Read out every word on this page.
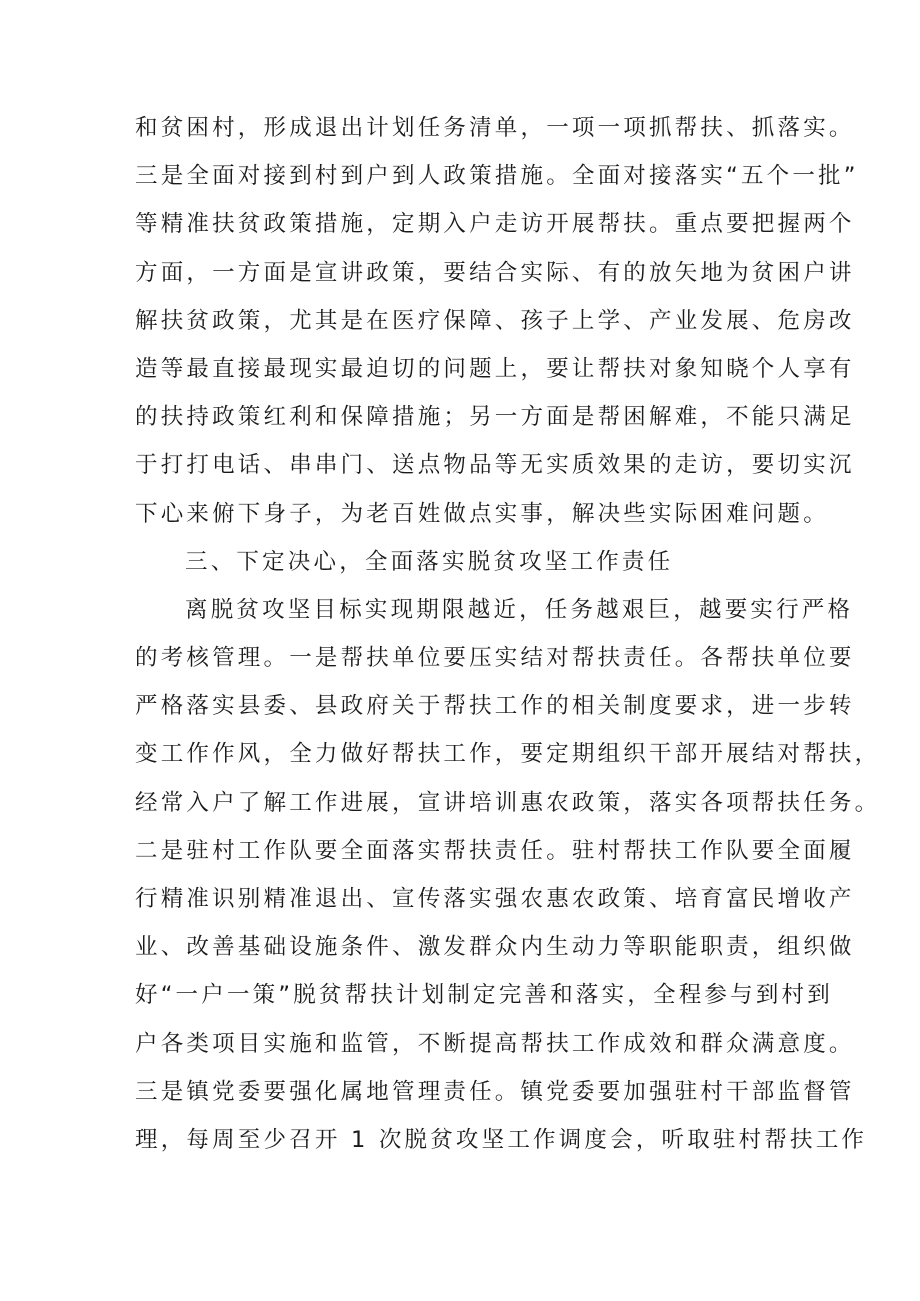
和贫困村，形成退出计划任务清单，一项一项抓帮扶、抓落实。
三是全面对接到村到户到人政策措施。全面对接落实“五个一批”
等精准扶贫政策措施，定期入户走访开展帮扶。重点要把握两个
方面，一方面是宣讲政策，要结合实际、有的放矢地为贫困户讲
解扶贫政策，尤其是在医疗保障、孩子上学、产业发展、危房改
造等最直接最现实最迫切的问题上，要让帮扶对象知晓个人享有
的扶持政策红利和保障措施；另一方面是帮困解难，不能只满足
于打打电话、串串门、送点物品等无实质效果的走访，要切实沉
下心来俯下身子，为老百姓做点实事，解决些实际困难问题。
三、下定决心，全面落实脱贫攻坚工作责任
离脱贫攻坚目标实现期限越近，任务越艰巨，越要实行严格
的考核管理。一是帮扶单位要压实结对帮扶责任。各帮扶单位要
严格落实县委、县政府关于帮扶工作的相关制度要求，进一步转
变工作作风，全力做好帮扶工作，要定期组织干部开展结对帮扶，
经常入户了解工作进展，宣讲培训惠农政策，落实各项帮扶任务。
二是驻村工作队要全面落实帮扶责任。驻村帮扶工作队要全面履
行精准识别精准退出、宣传落实强农惠农政策、培育富民增收产
业、改善基础设施条件、激发群众内生动力等职能职责，组织做
好“一户一策”脱贫帮扶计划制定完善和落实，全程参与到村到
户各类项目实施和监管，不断提高帮扶工作成效和群众满意度。
三是镇党委要强化属地管理责任。镇党委要加强驻村干部监督管
理，每周至少召开 1 次脱贫攻坚工作调度会，听取驻村帮扶工作
